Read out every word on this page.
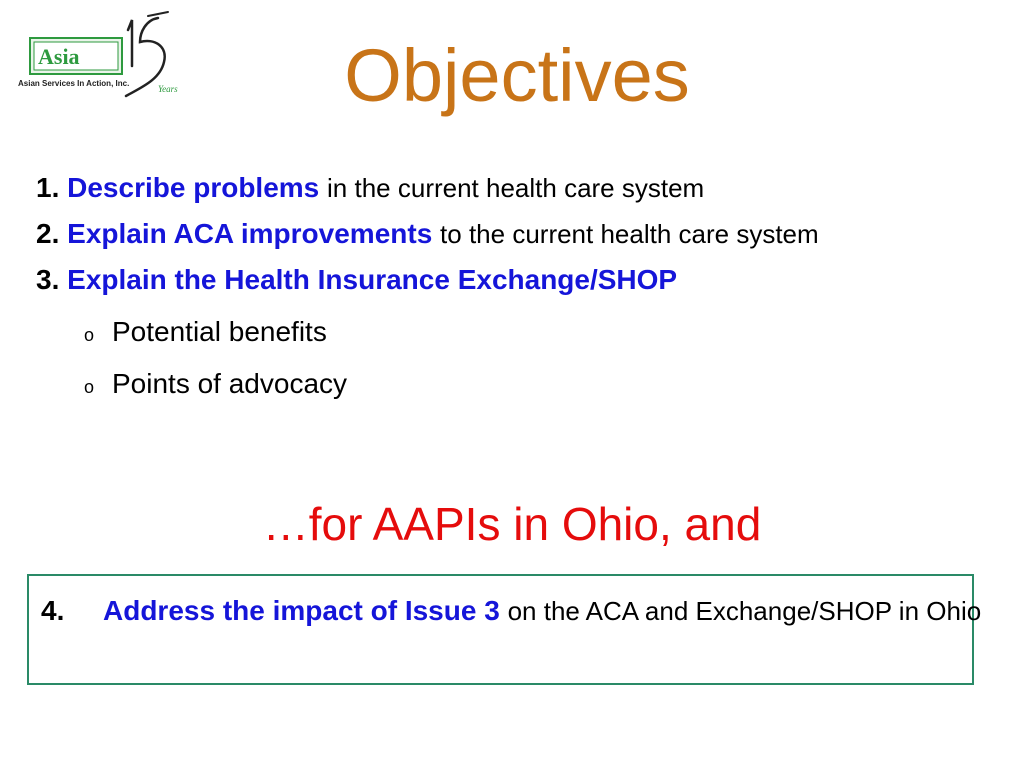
Asia
Asian Services In Action, Inc.
Years	Objectives
1. Describe problems in the current health care system
2. Explain ACA improvements to the current health care system
3. Explain the Health Insurance Exchange/SHOP
o Potential benefits
o Points of advocacy
…for AAPIs in Ohio, and
4. Address the impact of Issue 3 on the ACA and Exchange/SHOP in Ohio
